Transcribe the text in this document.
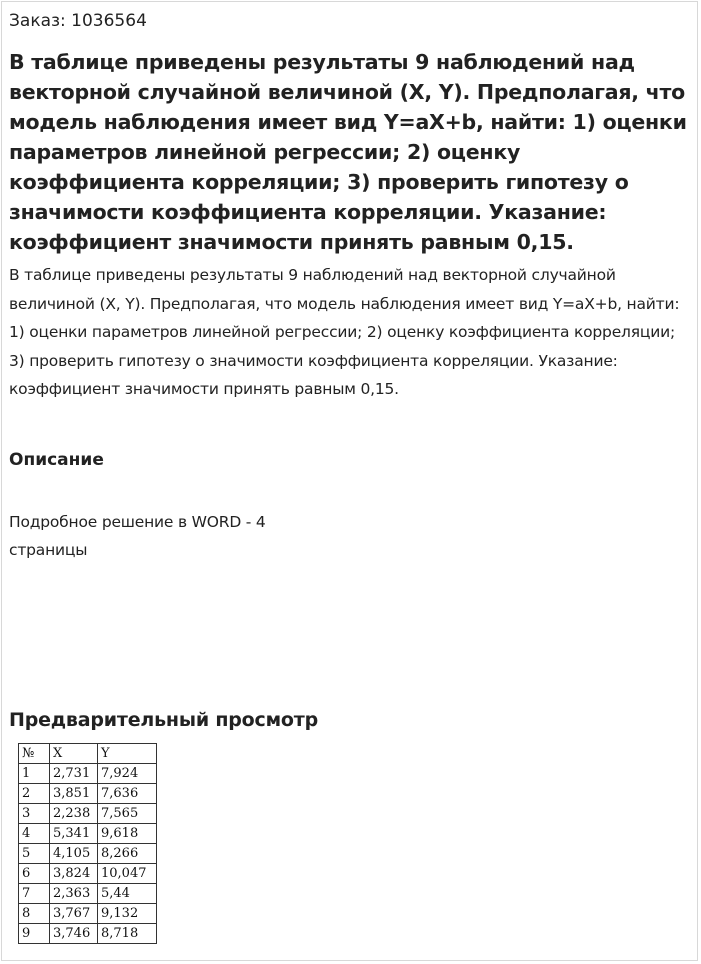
Заказ: 1036564
В таблице приведены результаты 9 наблюдений над векторной случайной величиной (X, Y). Предполагая, что модель наблюдения имеет вид Y=aX+b, найти: 1) оценки параметров линейной регрессии; 2) оценку коэффициента корреляции; 3) проверить гипотезу о значимости коэффициента корреляции. Указание: коэффициент значимости принять равным 0,15.

В таблице приведены результаты 9 наблюдений над векторной случайной величиной (X, Y). Предполагая, что модель наблюдения имеет вид Y=aX+b, найти: 1) оценки параметров линейной регрессии; 2) оценку коэффициента корреляции; 3) проверить гипотезу о значимости коэффициента корреляции. Указание: коэффициент значимости принять равным 0,15.

Описание

Подробное решение в WORD - 4 страницы

Предварительный просмотр
№	X	Y
1	2,731	7,924
2	3,851	7,636
3	2,238	7,565
4	5,341	9,618
5	4,105	8,266
6	3,824	10,047
7	2,363	5,44
8	3,767	9,132
9	3,746	8,718
